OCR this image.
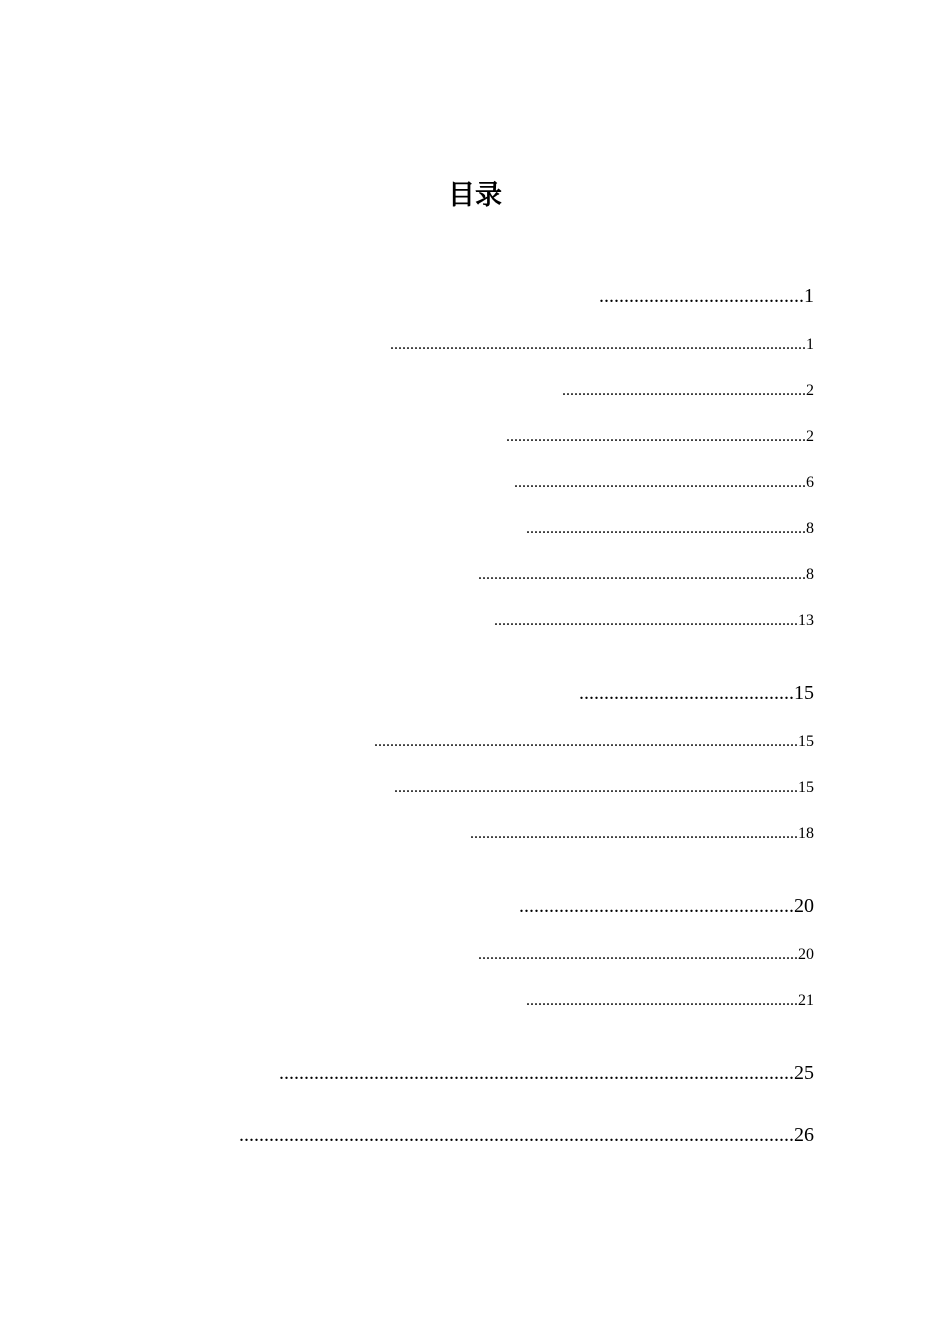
目录
.........................................1
........................................................................................................1
.............................................................2
...........................................................................2
.........................................................................6
......................................................................8
..................................................................................8
............................................................................13
...........................................15
..........................................................................................................15
.....................................................................................................15
..................................................................................18
.......................................................20
................................................................................20
....................................................................21
.......................................................................................................25
...............................................................................................................26
